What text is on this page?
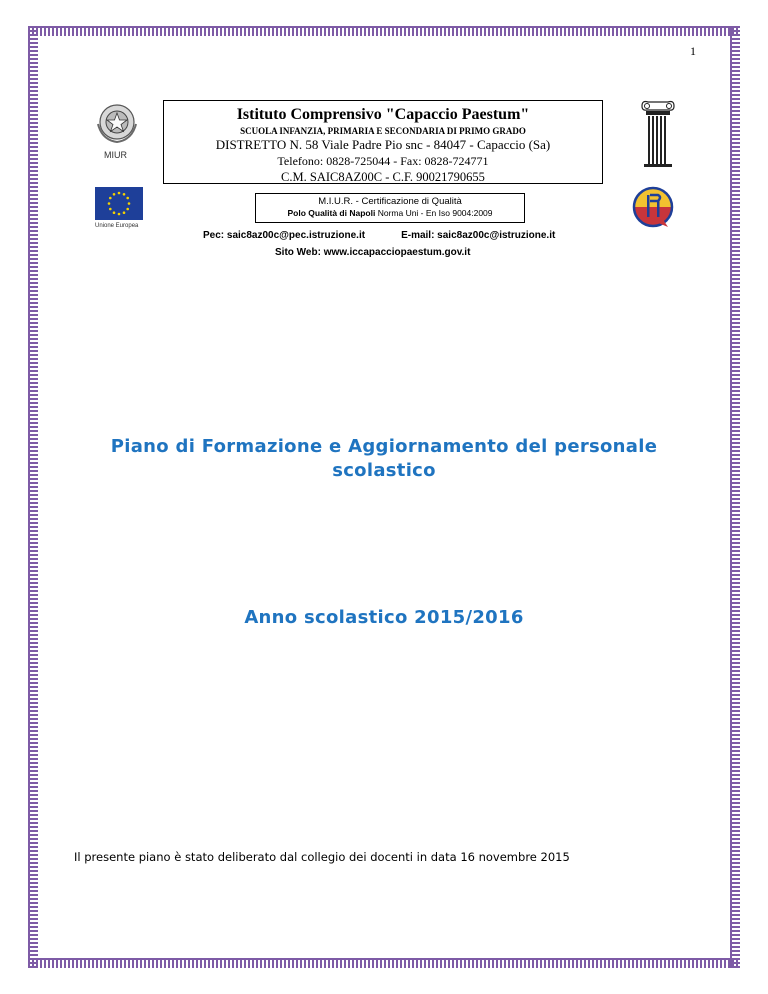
1
MIUR
Istituto Comprensivo "Capaccio Paestum"
SCUOLA INFANZIA, PRIMARIA E SECONDARIA DI PRIMO GRADO
DISTRETTO N. 58 Viale Padre Pio snc - 84047 - Capaccio (Sa)
Telefono: 0828-725044 - Fax: 0828-724771
C.M. SAIC8AZ00C - C.F. 90021790655
Unione Europea
M.I.U.R. - Certificazione di Qualità
Polo Qualità di Napoli Norma Uni - En Iso 9004:2009
Pec: saic8az00c@pec.istruzione.it	E-mail: saic8az00c@istruzione.it
Sito Web: www.iccapacciopaestum.gov.it
Piano di Formazione e Aggiornamento del personale scolastico
Anno scolastico 2015/2016
Il presente piano è stato deliberato dal collegio dei docenti in data 16 novembre 2015
